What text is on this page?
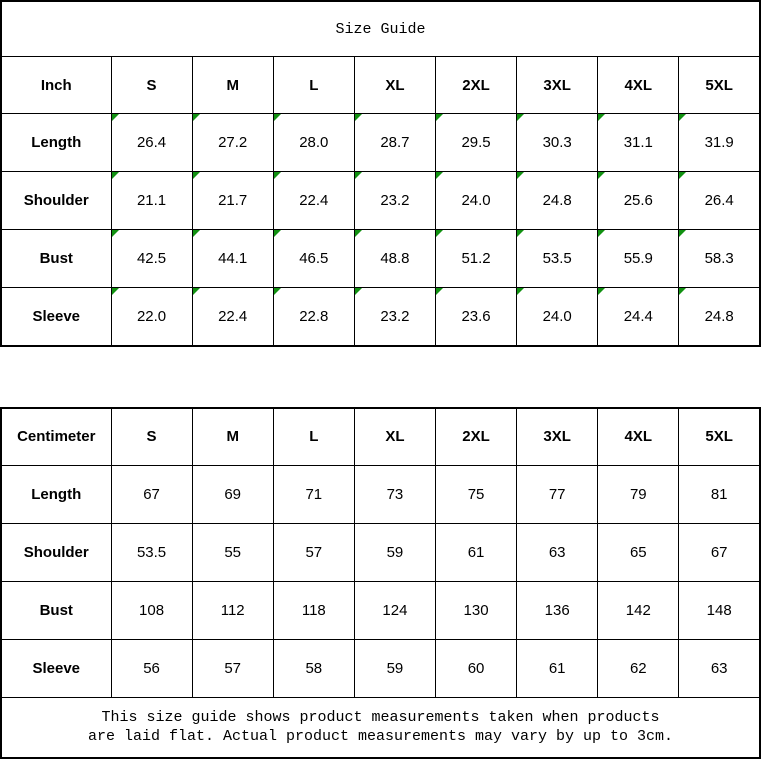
Size Guide								
Inch	S	M	L	XL	2XL	3XL	4XL	5XL
Length	26.4	27.2	28.0	28.7	29.5	30.3	31.1	31.9
Shoulder	21.1	21.7	22.4	23.2	24.0	24.8	25.6	26.4
Bust	42.5	44.1	46.5	48.8	51.2	53.5	55.9	58.3
Sleeve	22.0	22.4	22.8	23.2	23.6	24.0	24.4	24.8
Centimeter	S	M	L	XL	2XL	3XL	4XL	5XL
Length	67	69	71	73	75	77	79	81
Shoulder	53.5	55	57	59	61	63	65	67
Bust	108	112	118	124	130	136	142	148
Sleeve	56	57	58	59	60	61	62	63

This size guide shows product measurements taken when products
are laid flat. Actual product measurements may vary by up to 3cm.								
